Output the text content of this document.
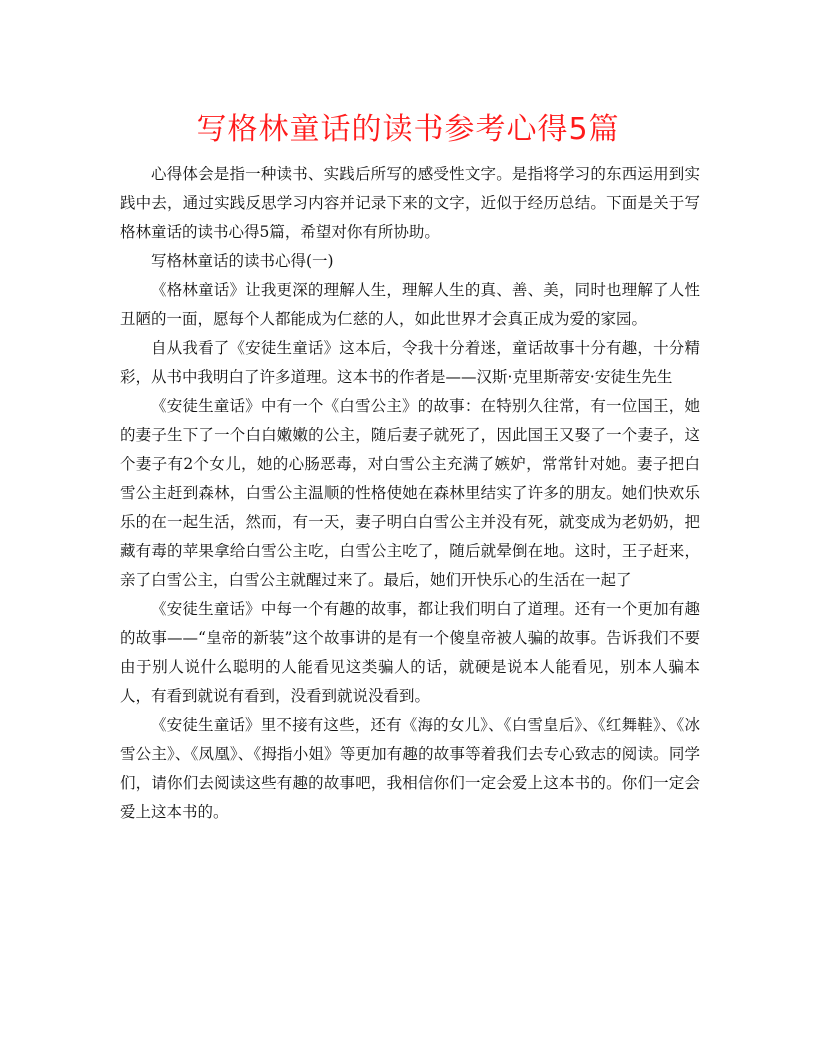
写格林童话的读书参考心得5篇

心得体会是指一种读书、实践后所写的感受性文字。是指将学习的东西运用到实践中去，通过实践反思学习内容并记录下来的文字，近似于经历总结。下面是关于写格林童话的读书心得5篇，希望对你有所协助。

写格林童话的读书心得(一)

《格林童话》让我更深的理解人生，理解人生的真、善、美，同时也理解了人性丑陋的一面，愿每个人都能成为仁慈的人，如此世界才会真正成为爱的家园。

自从我看了《安徒生童话》这本后，令我十分着迷，童话故事十分有趣，十分精彩，从书中我明白了许多道理。这本书的作者是——汉斯·克里斯蒂安·安徒生先生

《安徒生童话》中有一个《白雪公主》的故事：在特别久往常，有一位国王，她的妻子生下了一个白白嫩嫩的公主，随后妻子就死了，因此国王又娶了一个妻子，这个妻子有2个女儿，她的心肠恶毒，对白雪公主充满了嫉妒，常常针对她。妻子把白雪公主赶到森林，白雪公主温顺的性格使她在森林里结实了许多的朋友。她们快欢乐乐的在一起生活，然而，有一天，妻子明白白雪公主并没有死，就变成为老奶奶，把藏有毒的苹果拿给白雪公主吃，白雪公主吃了，随后就晕倒在地。这时，王子赶来，亲了白雪公主，白雪公主就醒过来了。最后，她们开快乐心的生活在一起了

《安徒生童话》中每一个有趣的故事，都让我们明白了道理。还有一个更加有趣的故事——“皇帝的新装”这个故事讲的是有一个傻皇帝被人骗的故事。告诉我们不要由于别人说什么聪明的人能看见这类骗人的话，就硬是说本人能看见，别本人骗本人，有看到就说有看到，没看到就说没看到。

《安徒生童话》里不接有这些，还有《海的女儿》、《白雪皇后》、《红舞鞋》、《冰雪公主》、《凤凰》、《拇指小姐》等更加有趣的故事等着我们去专心致志的阅读。同学们，请你们去阅读这些有趣的故事吧，我相信你们一定会爱上这本书的。你们一定会爱上这本书的。
